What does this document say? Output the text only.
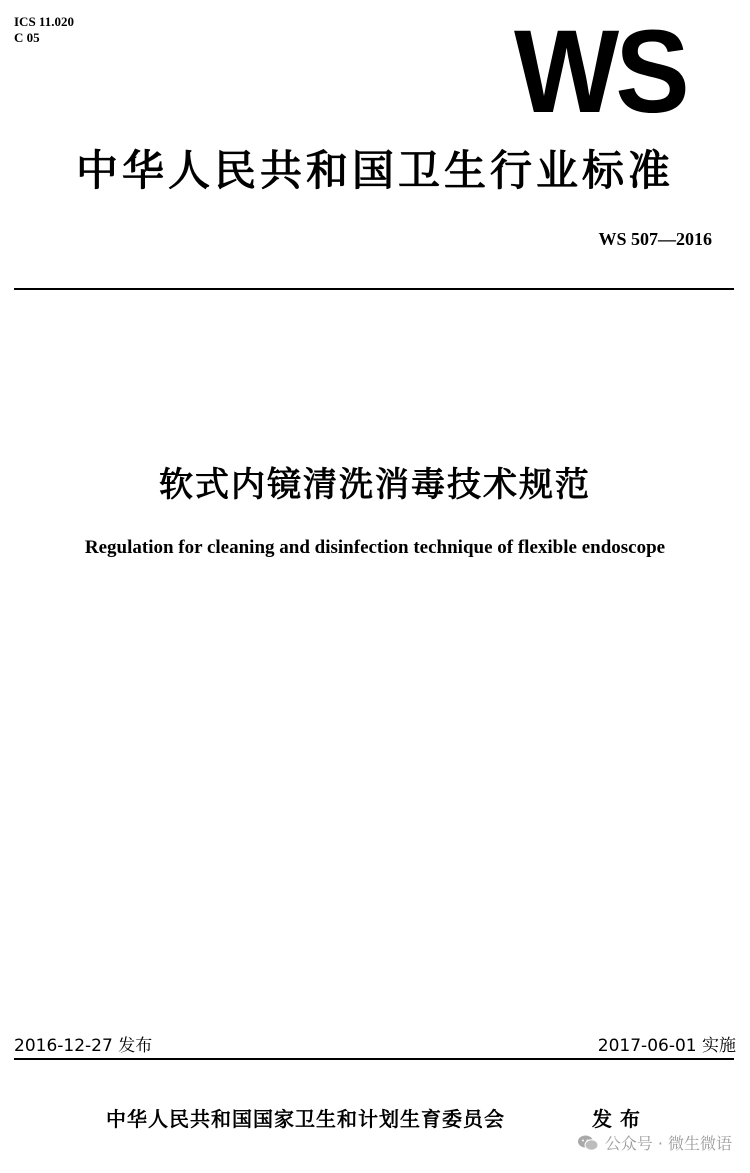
ICS 11.020
C 05	WS
中华人民共和国卫生行业标准
WS 507—2016
软式内镜清洗消毒技术规范
Regulation for cleaning and disinfection technique of flexible endoscope
2016-12-27 发布	2017-06-01 实施
中华人民共和国国家卫生和计划生育委员会	发布
公众号 · 微生微语
